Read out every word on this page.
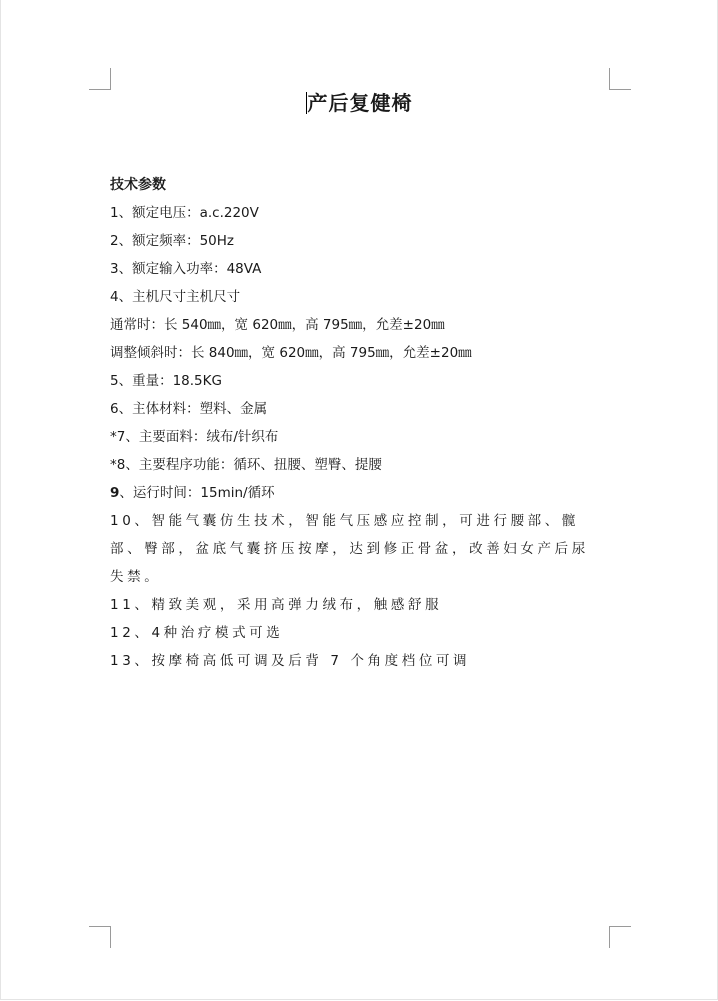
产后复健椅
技术参数
1、额定电压：a.c.220V
2、额定频率：50Hz
3、额定输入功率：48VA
4、主机尺寸主机尺寸
通常时：长 540㎜，宽 620㎜，高 795㎜，允差±20㎜
调整倾斜时：长 840㎜，宽 620㎜，高 795㎜，允差±20㎜
5、重量：18.5KG
6、主体材料：塑料、金属
*7、主要面料：绒布/针织布
*8、主要程序功能：循环、扭腰、塑臀、提腰
9、运行时间：15min/循环
10、智能气囊仿生技术，智能气压感应控制，可进行腰部、髋部、臀部，盆底气囊挤压按摩，达到修正骨盆，改善妇女产后尿失禁。
11、精致美观，采用高弹力绒布，触感舒服
12、4种治疗模式可选
13、按摩椅高低可调及后背 7 个角度档位可调
